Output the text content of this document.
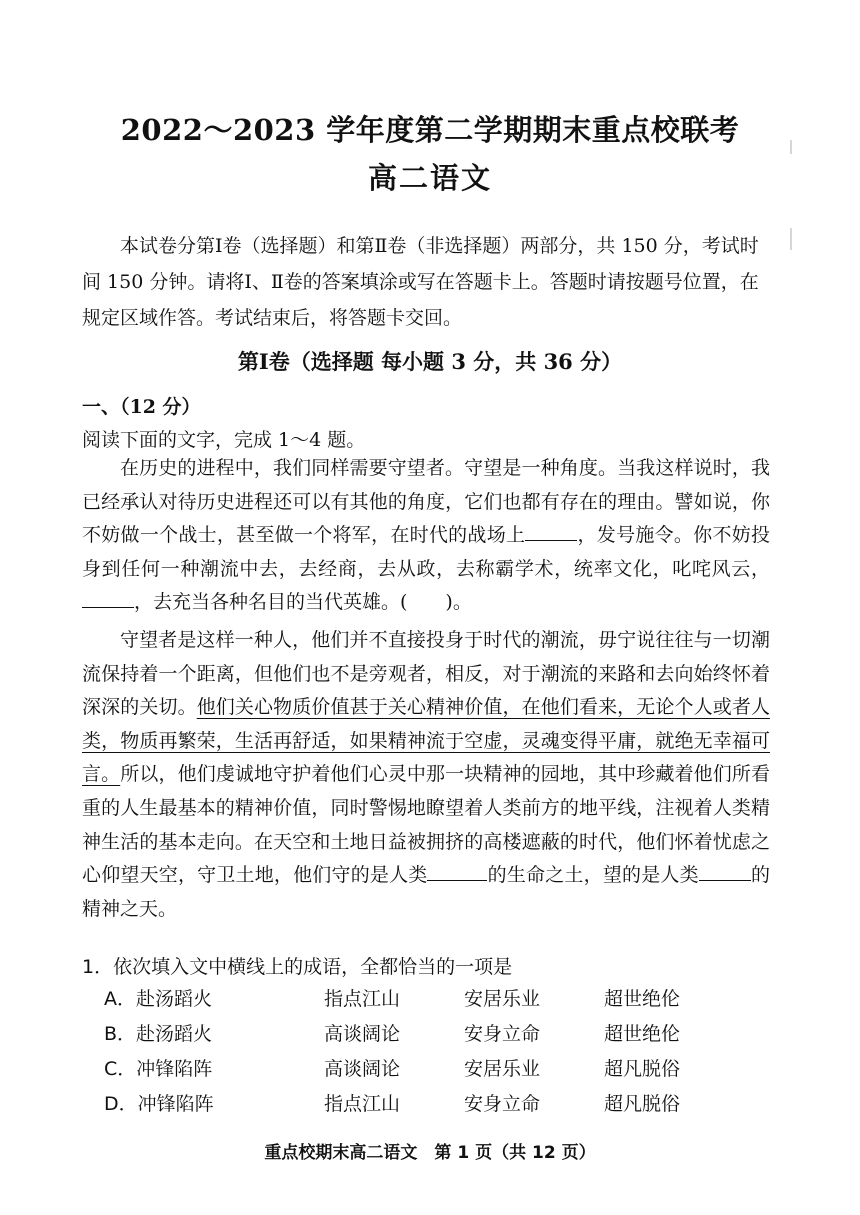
2022～2023 学年度第二学期期末重点校联考
高二语文

本试卷分第Ⅰ卷（选择题）和第Ⅱ卷（非选择题）两部分，共 150 分，考试时间 150 分钟。请将Ⅰ、Ⅱ卷的答案填涂或写在答题卡上。答题时请按题号位置，在规定区域作答。考试结束后，将答题卡交回。

第Ⅰ卷（选择题 每小题 3 分，共 36 分）
一、（12 分）
阅读下面的文字，完成 1～4 题。

在历史的进程中，我们同样需要守望者。守望是一种角度。当我这样说时，我已经承认对待历史进程还可以有其他的角度，它们也都有存在的理由。譬如说，你不妨做一个战士，甚至做一个将军，在时代的战场上	，发号施令。你不妨投身到任何一种潮流中去，去经商，去从政，去称霸学术，统率文化，叱咤风云，，去充当各种名目的当代英雄。(　　)。

守望者是这样一种人，他们并不直接投身于时代的潮流，毋宁说往往与一切潮流保持着一个距离，但他们也不是旁观者，相反，对于潮流的来路和去向始终怀着深深的关切。他们关心物质价值甚于关心精神价值，在他们看来，无论个人或者人类，物质再繁荣，生活再舒适，如果精神流于空虚，灵魂变得平庸，就绝无幸福可言。所以，他们虔诚地守护着他们心灵中那一块精神的园地，其中珍藏着他们所看重的人生最基本的精神价值，同时警惕地瞭望着人类前方的地平线，注视着人类精神生活的基本走向。在天空和土地日益被拥挤的高楼遮蔽的时代，他们怀着忧虑之心仰望天空，守卫土地，他们守的是人类	的生命之土，望的是人类	的精神之天。

1．依次填入文中横线上的成语，全都恰当的一项是
A．赴汤蹈火	指点江山	安居乐业	超世绝伦
B．赴汤蹈火	高谈阔论	安身立命	超世绝伦
C．冲锋陷阵	高谈阔论	安居乐业	超凡脱俗
D．冲锋陷阵	指点江山	安身立命	超凡脱俗
重点校期末高二语文　第 1 页（共 12 页）
